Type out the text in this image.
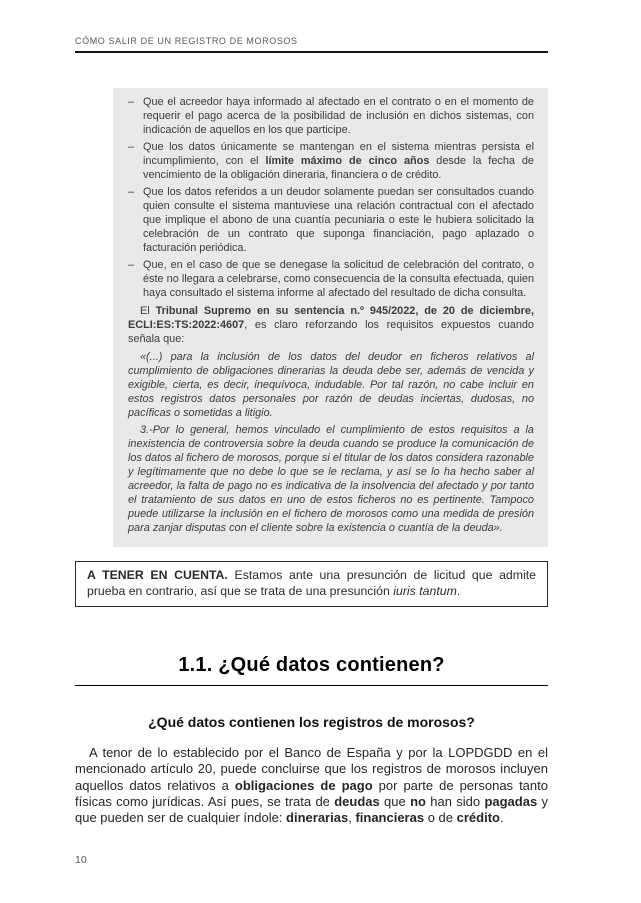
CÓMO SALIR DE UN REGISTRO DE MOROSOS
– Que el acreedor haya informado al afectado en el contrato o en el momento de requerir el pago acerca de la posibilidad de inclusión en dichos sistemas, con indicación de aquellos en los que participe.
– Que los datos únicamente se mantengan en el sistema mientras persista el incumplimiento, con el límite máximo de cinco años desde la fecha de vencimiento de la obligación dineraria, financiera o de crédito.
– Que los datos referidos a un deudor solamente puedan ser consultados cuando quien consulte el sistema mantuviese una relación contractual con el afectado que implique el abono de una cuantía pecuniaria o este le hubiera solicitado la celebración de un contrato que suponga financiación, pago aplazado o facturación periódica.
– Que, en el caso de que se denegase la solicitud de celebración del contrato, o éste no llegara a celebrarse, como consecuencia de la consulta efectuada, quien haya consultado el sistema informe al afectado del resultado de dicha consulta.

El Tribunal Supremo en su sentencia n.º 945/2022, de 20 de diciembre, ECLI:ES:TS:2022:4607, es claro reforzando los requisitos expuestos cuando señala que:

«(...) para la inclusión de los datos del deudor en ficheros relativos al cumplimiento de obligaciones dinerarias la deuda debe ser, además de vencida y exigible, cierta, es decir, inequívoca, indudable. Por tal razón, no cabe incluir en estos registros datos personales por razón de deudas inciertas, dudosas, no pacíficas o sometidas a litigio.

3.-Por lo general, hemos vinculado el cumplimiento de estos requisitos a la inexistencia de controversia sobre la deuda cuando se produce la comunicación de los datos al fichero de morosos, porque si el titular de los datos considera razonable y legítimamente que no debe lo que se le reclama, y así se lo ha hecho saber al acreedor, la falta de pago no es indicativa de la insolvencia del afectado y por tanto el tratamiento de sus datos en uno de estos ficheros no es pertinente. Tampoco puede utilizarse la inclusión en el fichero de morosos como una medida de presión para zanjar disputas con el cliente sobre la existencia o cuantía de la deuda».

A TENER EN CUENTA. Estamos ante una presunción de licitud que admite prueba en contrario, así que se trata de una presunción iuris tantum.

1.1. ¿Qué datos contienen?
¿Qué datos contienen los registros de morosos?

A tenor de lo establecido por el Banco de España y por la LOPDGDD en el mencionado artículo 20, puede concluirse que los registros de morosos incluyen aquellos datos relativos a obligaciones de pago por parte de personas tanto físicas como jurídicas. Así pues, se trata de deudas que no han sido pagadas y que pueden ser de cualquier índole: dinerarias, financieras o de crédito.

10
